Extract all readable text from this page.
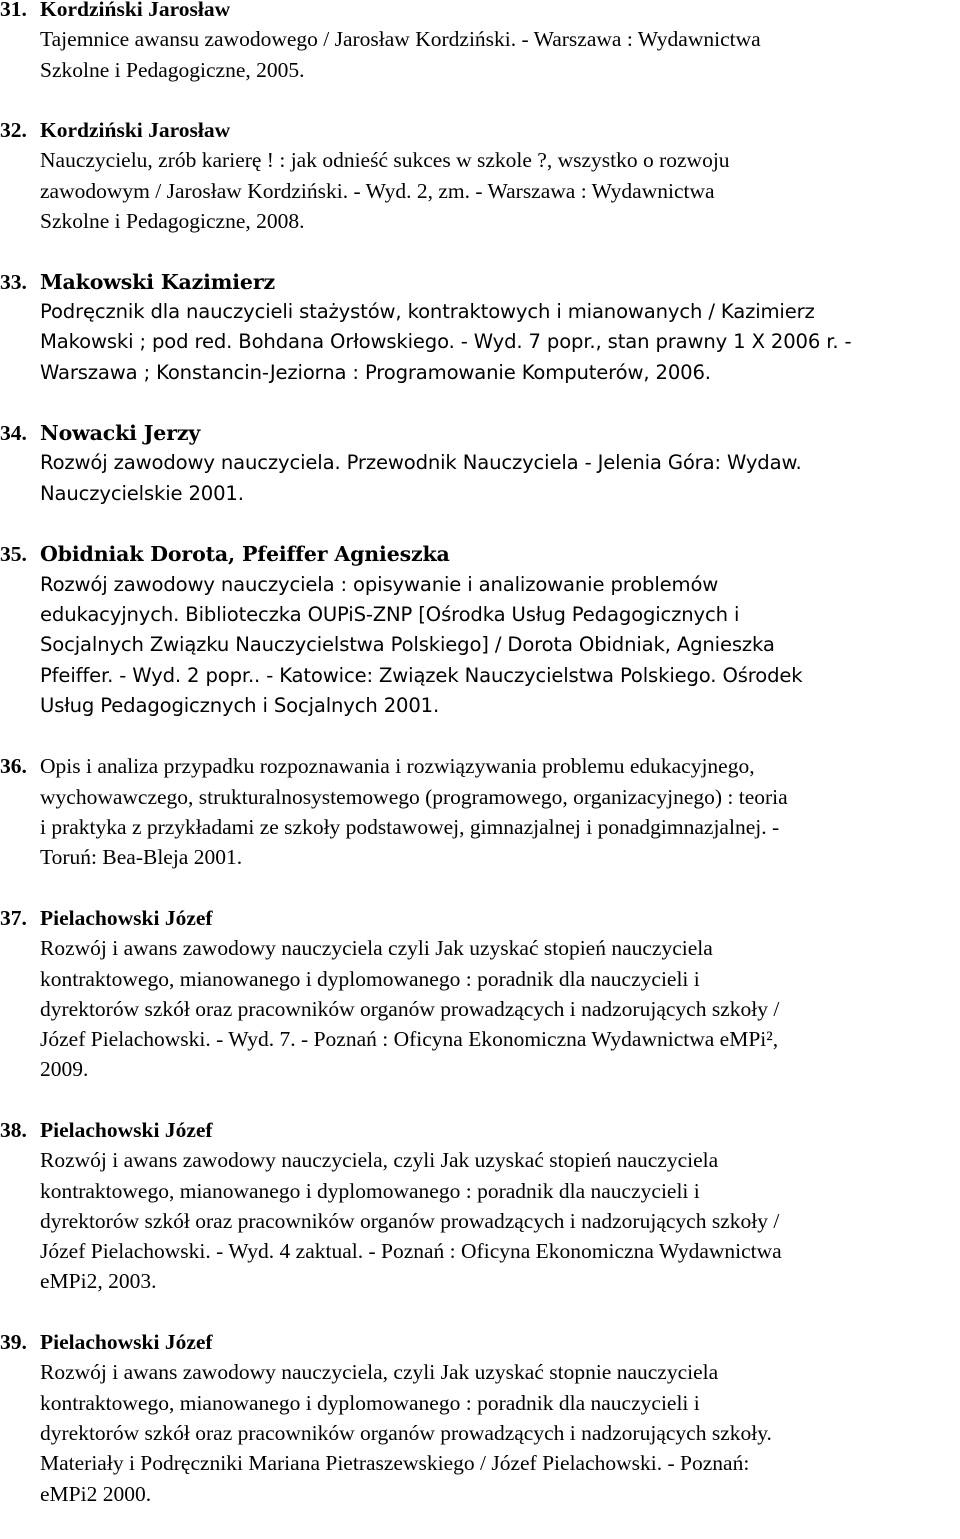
31. Kordziński Jarosław
Tajemnice awansu zawodowego / Jarosław Kordziński. - Warszawa : Wydawnictwa
Szkolne i Pedagogiczne, 2005.
32. Kordziński Jarosław
Nauczycielu, zrób karierę ! : jak odnieść sukces w szkole ?, wszystko o rozwoju
zawodowym / Jarosław Kordziński. - Wyd. 2, zm. - Warszawa : Wydawnictwa
Szkolne i Pedagogiczne, 2008.
33. Makowski Kazimierz
Podręcznik dla nauczycieli stażystów, kontraktowych i mianowanych / Kazimierz
Makowski ; pod red. Bohdana Orłowskiego. - Wyd. 7 popr., stan prawny 1 X 2006 r. -
Warszawa ; Konstancin-Jeziorna : Programowanie Komputerów, 2006.
34. Nowacki Jerzy
Rozwój zawodowy nauczyciela. Przewodnik Nauczyciela - Jelenia Góra: Wydaw.
Nauczycielskie 2001.
35. Obidniak Dorota, Pfeiffer Agnieszka
Rozwój zawodowy nauczyciela : opisywanie i analizowanie problemów
edukacyjnych. Biblioteczka OUPiS-ZNP [Ośrodka Usług Pedagogicznych i
Socjalnych Związku Nauczycielstwa Polskiego] / Dorota Obidniak, Agnieszka
Pfeiffer. - Wyd. 2 popr.. - Katowice: Związek Nauczycielstwa Polskiego. Ośrodek
Usług Pedagogicznych i Socjalnych 2001.
36. Opis i analiza przypadku rozpoznawania i rozwiązywania problemu edukacyjnego,
wychowawczego, strukturalnosystemowego (programowego, organizacyjnego) : teoria
i praktyka z przykładami ze szkoły podstawowej, gimnazjalnej i ponadgimnazjalnej. -
Toruń: Bea-Bleja 2001.
37. Pielachowski Józef
Rozwój i awans zawodowy nauczyciela czyli Jak uzyskać stopień nauczyciela
kontraktowego, mianowanego i dyplomowanego : poradnik dla nauczycieli i
dyrektorów szkół oraz pracowników organów prowadzących i nadzorujących szkoły /
Józef Pielachowski. - Wyd. 7. - Poznań : Oficyna Ekonomiczna Wydawnictwa eMPi²,
2009.
38. Pielachowski Józef
Rozwój i awans zawodowy nauczyciela, czyli Jak uzyskać stopień nauczyciela
kontraktowego, mianowanego i dyplomowanego : poradnik dla nauczycieli i
dyrektorów szkół oraz pracowników organów prowadzących i nadzorujących szkoły /
Józef Pielachowski. - Wyd. 4 zaktual. - Poznań : Oficyna Ekonomiczna Wydawnictwa
eMPi2, 2003.
39. Pielachowski Józef
Rozwój i awans zawodowy nauczyciela, czyli Jak uzyskać stopnie nauczyciela
kontraktowego, mianowanego i dyplomowanego : poradnik dla nauczycieli i
dyrektorów szkół oraz pracowników organów prowadzących i nadzorujących szkoły.
Materiały i Podręczniki Mariana Pietraszewskiego / Józef Pielachowski. - Poznań:
eMPi2 2000.
